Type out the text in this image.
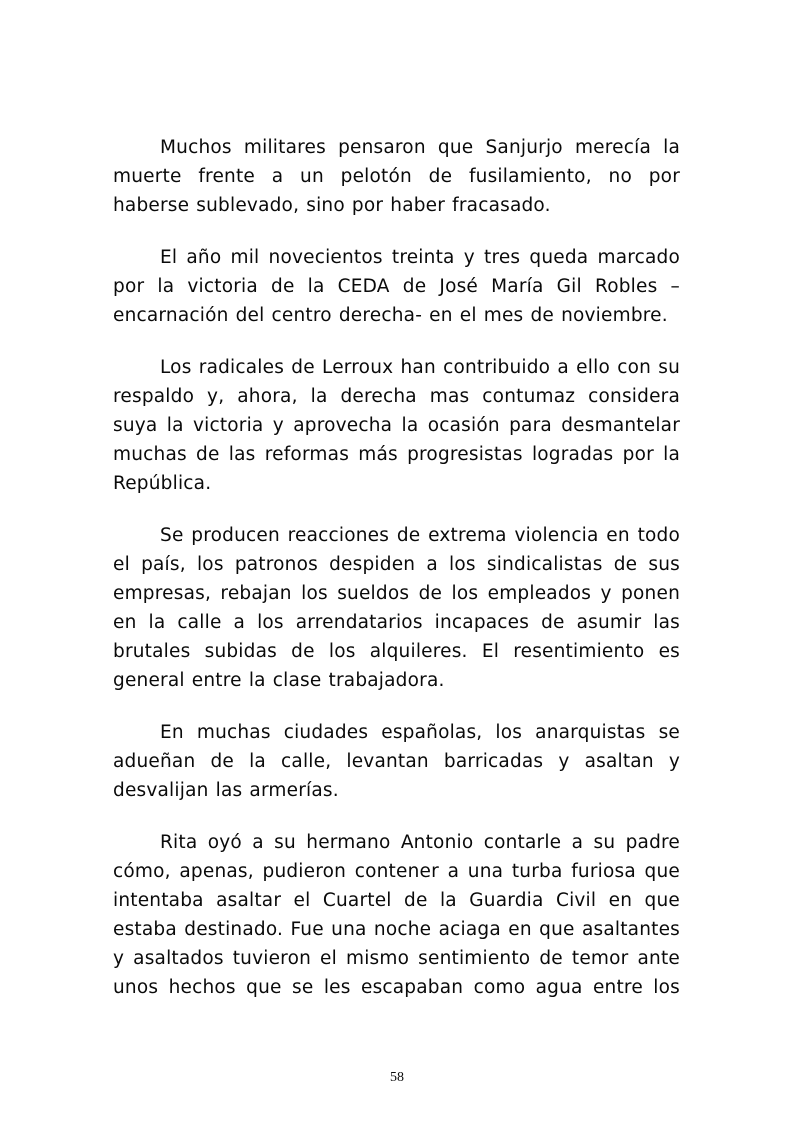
Muchos militares pensaron que Sanjurjo merecía la muerte frente a un pelotón de fusilamiento, no por haberse sublevado, sino por haber fracasado.

El año mil novecientos treinta y tres queda marcado por la victoria de la CEDA de José María Gil Robles – encarnación del centro derecha- en el mes de noviembre.

Los radicales de Lerroux han contribuido a ello con su respaldo y, ahora, la derecha mas contumaz considera suya la victoria y aprovecha la ocasión para desmantelar muchas de las reformas más progresistas logradas por la República.

Se producen reacciones de extrema violencia en todo el país, los patronos despiden a los sindicalistas de sus empresas, rebajan los sueldos de los empleados y ponen en la calle a los arrendatarios incapaces de asumir las brutales subidas de los alquileres. El resentimiento es general entre la clase trabajadora.

En muchas ciudades españolas, los anarquistas se adueñan de la calle, levantan barricadas y asaltan y desvalijan las armerías.

Rita oyó a su hermano Antonio contarle a su padre cómo, apenas, pudieron contener a una turba furiosa que intentaba asaltar el Cuartel de la Guardia Civil en que estaba destinado. Fue una noche aciaga en que asaltantes y asaltados tuvieron el mismo sentimiento de temor ante unos hechos que se les escapaban como agua entre los

58
